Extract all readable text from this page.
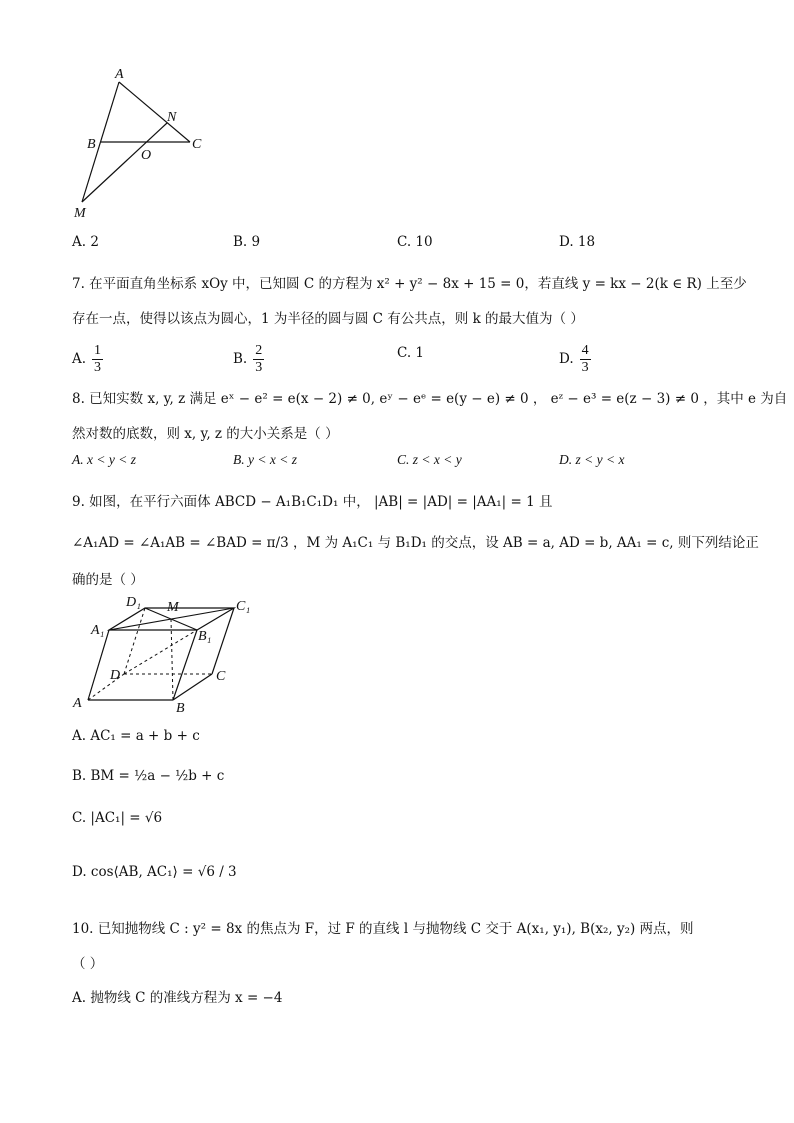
A
B	C
N
O
M
A. 2	B. 9	C. 10	D. 18
7. 在平面直角坐标系 xOy 中，已知圆 C 的方程为 x² + y² − 8x + 15 = 0，若直线 y = kx − 2(k ∈ R) 上至少
存在一点，使得以该点为圆心，1 为半径的圆与圆 C 有公共点，则 k 的最大值为（ ）
A. $\frac{1}{3}$	B. $\frac{2}{3}$	C. 1	D. $\frac{4}{3}$
8. 已知实数 x, y, z 满足 eˣ − e² = e(x − 2) ≠ 0, eʸ − eᵉ = e(y − e) ≠ 0 ， eᶻ − e³ = e(z − 3) ≠ 0 ，其中 e 为自
然对数的底数，则 x, y, z 的大小关系是（ ）
A. x < y < z	B. y < x < z	C. z < x < y	D. z < y < x
9. 如图，在平行六面体 ABCD − A₁B₁C₁D₁ 中， |AB| = |AD| = |AA₁| = 1 且
∠A₁AD = ∠A₁AB = ∠BAD = π/3 ，M 为 A₁C₁ 与 B₁D₁ 的交点，设 AB = a, AD = b, AA₁ = c, 则下列结论正
确的是（ ）
D₁ M	C₁
A₁	B₁
D	C
A	B
A. AC₁ = a + b + c
B. BM = ½a − ½b + c
C. |AC₁| = √6
D. cos⟨AB, AC₁⟩ = √6 / 3
10. 已知抛物线 C : y² = 8x 的焦点为 F，过 F 的直线 l 与抛物线 C 交于 A(x₁, y₁), B(x₂, y₂) 两点，则
（ ）
A. 抛物线 C 的准线方程为 x = −4
